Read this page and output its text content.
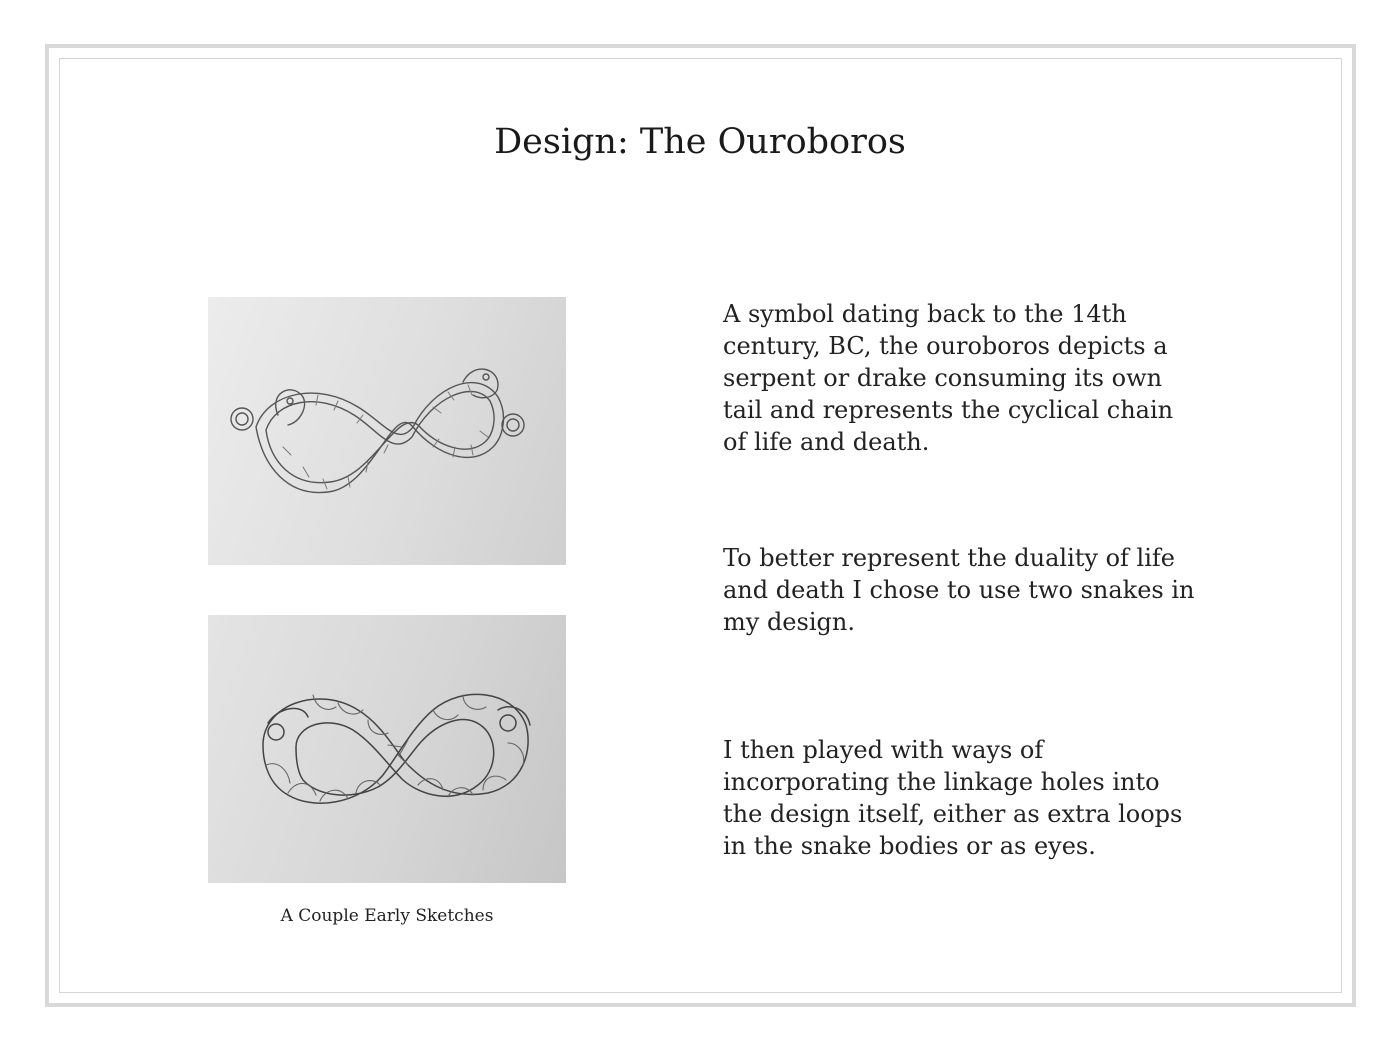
Design: The Ouroboros
A Couple Early Sketches

A symbol dating back to the 14th century, BC, the ouroboros depicts a serpent or drake consuming its own tail and represents the cyclical chain of life and death.

To better represent the duality of life and death I chose to use two snakes in my design.

I then played with ways of incorporating the linkage holes into the design itself, either as extra loops in the snake bodies or as eyes.
